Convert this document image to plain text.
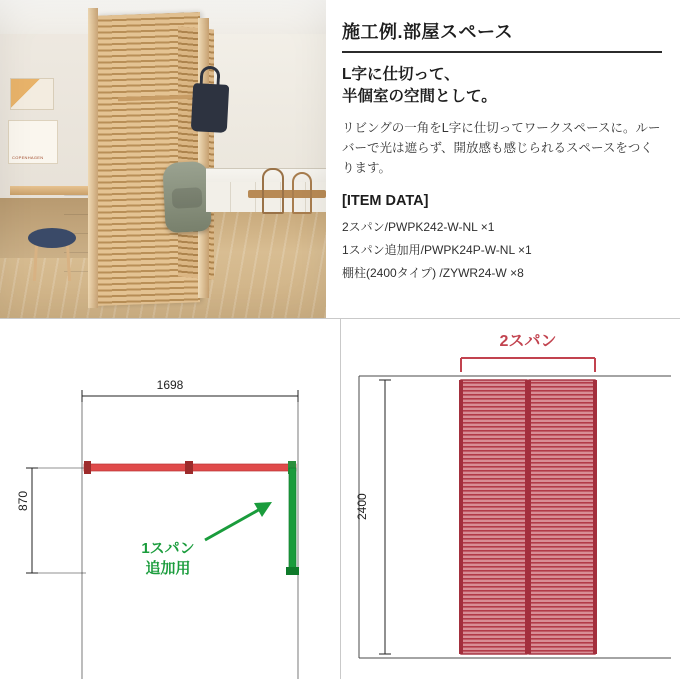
COPENHAGEN
施工例.部屋スペース
L字に仕切って、
半個室の空間として。
リビングの一角をL字に仕切ってワークスペースに。ルーバーで光は遮らず、開放感も感じられるスペースをつくります。
[ITEM DATA]
2スパン/PWPK242-W-NL ×1
1スパン追加用/PWPK24P-W-NL ×1
棚柱(2400タイプ) /ZYWR24-W ×8
1698
870
1スパン
追加用
2スパン
2400
